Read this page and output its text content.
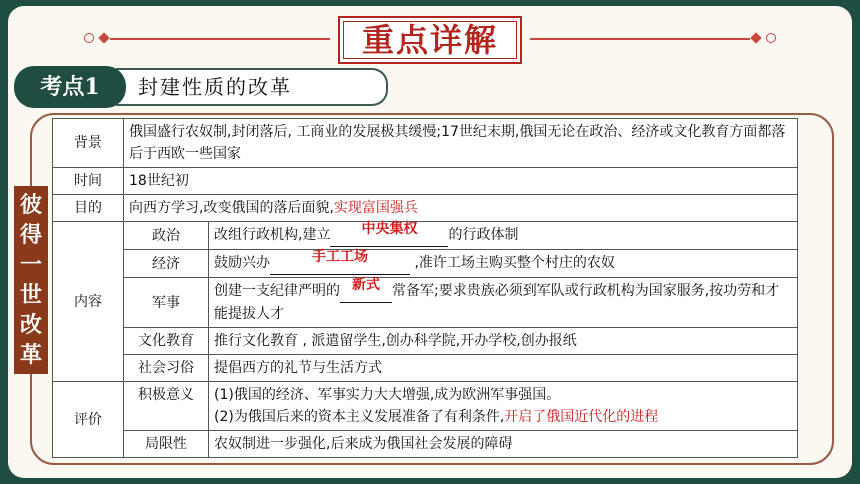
重点详解
封建性质的改革
考点1
彼
得
一
世
改
革
背景	俄国盛行农奴制,封闭落后, 工商业的发展极其缓慢;17世纪末期,俄国无论在政治、经济或文化教育方面都落后于西欧一些国家	
时间	18世纪初	
目的	向西方学习,改变俄国的落后面貌,实现富国强兵	
内容	政治	改组行政机构,建立 中央集权 的行政体制
	经济	鼓励兴办 手工工场 ,准许工场主购买整个村庄的农奴
	军事	创建一支纪律严明的 新式 常备军;要求贵族必须到军队或行政机构为国家服务,按功劳和才能提拔人才
	文化教育	推行文化教育 , 派遣留学生,创办科学院,开办学校,创办报纸
	社会习俗	提倡西方的礼节与生活方式
评价	积极意义	(1)俄国的经济、军事实力大大增强,成为欧洲军事强国。
(2)为俄国后来的资本主义发展准备了有利条件,开启了俄国近代化的进程

	局限性	农奴制进一步强化,后来成为俄国社会发展的障碍
